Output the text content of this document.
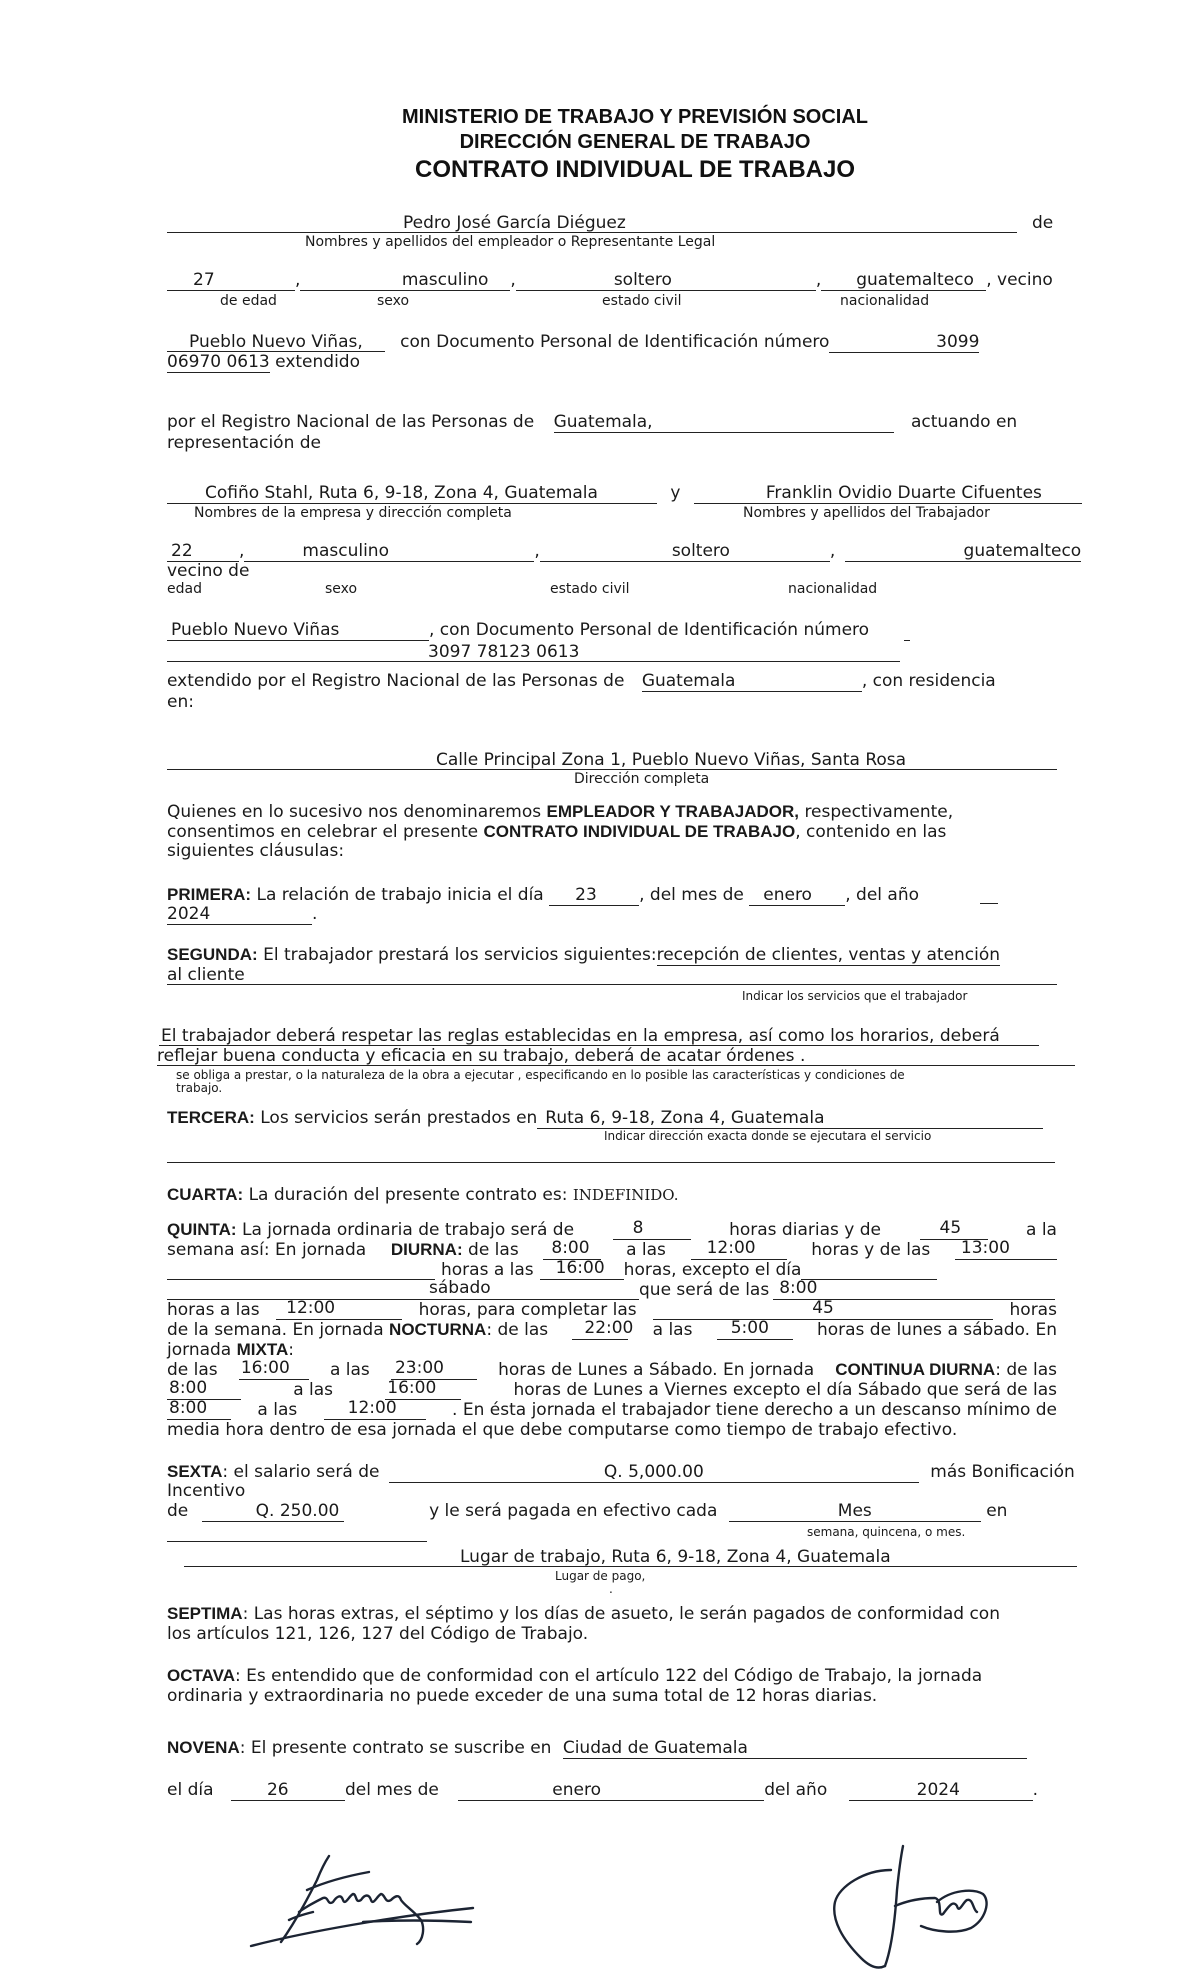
MINISTERIO DE TRABAJO Y PREVISIÓN SOCIAL
DIRECCIÓN GENERAL DE TRABAJO
CONTRATO INDIVIDUAL DE TRABAJO
Pedro José García Diéguez	de
Nombres y apellidos del empleador o Representante Legal
27	,	masculino ,	soltero	, guatemalteco , vecino
de edad	sexo	estado civil	nacionalidad
Pueblo Nuevo Viñas, con Documento Personal de Identificación número	3099
06970 0613 extendido
por el Registro Nacional de las Personas de Guatemala,	actuando en
representación de
Cofiño Stahl, Ruta 6, 9-18, Zona 4, Guatemala	y	Franklin Ovidio Duarte Cifuentes
Nombres de la empresa y dirección completa	Nombres y apellidos del Trabajador
22	,	masculino	,	soltero	,	guatemalteco
vecino de
edad	sexo	estado civil	nacionalidad
Pueblo Nuevo Viñas	, con Documento Personal de Identificación número
3097 78123 0613
extendido por el Registro Nacional de las Personas de Guatemala	, con residencia
en:
Calle Principal Zona 1, Pueblo Nuevo Viñas, Santa Rosa
Dirección completa
Quienes en lo sucesivo nos denominaremos EMPLEADOR Y TRABAJADOR, respectivamente,
consentimos en celebrar el presente CONTRATO INDIVIDUAL DE TRABAJO, contenido en las
siguientes cláusulas:
PRIMERA: La relación de trabajo inicia el día 23 , del mes de enero , del año
2024	.
SEGUNDA: El trabajador prestará los servicios siguientes:recepción de clientes, ventas y atención
al cliente
Indicar los servicios que el trabajador
El trabajador deberá respetar las reglas establecidas en la empresa, así como los horarios, deberá
reflejar buena conducta y eficacia en su trabajo, deberá de acatar órdenes .
se obliga a prestar, o la naturaleza de la obra a ejecutar , especificando en lo posible las características y condiciones de
trabajo.
TERCERA: Los servicios serán prestados en Ruta 6, 9-18, Zona 4, Guatemala
Indicar dirección exacta donde se ejecutara el servicio
CUARTA: La duración del presente contrato es: INDEFINIDO.
QUINTA: La jornada ordinaria de trabajo será de	8	horas diarias y de	45	a la
semana así: En jornada DIURNA: de las	8:00	a las	12:00	horas y de las	13:00
horas a las	16:00	horas, excepto el día
sábado	que será de las 8:00
horas a las	12:00	horas, para completar las	45	horas
de la semana. En jornada NOCTURNA: de las	22:00 a las	5:00	horas de lunes a sábado. En
jornada
MIXTA :
de las 16:00	a las 23:00	horas de Lunes a Sábado. En jornada CONTINUA DIURNA: de las
8:00	a las	16:00	horas de Lunes a Viernes excepto el día Sábado que será de las
8:00	a las	12:00	. En ésta jornada el trabajador tiene derecho a un descanso mínimo de
media hora dentro de esa jornada el que debe computarse como tiempo de trabajo efectivo.
SEXTA: el salario será de	Q. 5,000.00	más Bonificación
Incentivo
de	Q. 250.00	y le será pagada en efectivo cada	Mes	en
semana, quincena, o mes.
Lugar de trabajo, Ruta 6, 9-18, Zona 4, Guatemala
Lugar de pago,
.
SEPTIMA: Las horas extras, el séptimo y los días de asueto, le serán pagados de conformidad con
los artículos 121, 126, 127 del Código de Trabajo.
OCTAVA: Es entendido que de conformidad con el artículo 122 del Código de Trabajo, la jornada
ordinaria y extraordinaria no puede exceder de una suma total de 12 horas diarias.
NOVENA: El presente contrato se suscribe en Ciudad de Guatemala
el día	26	del mes de	enero	del año	2024	.
